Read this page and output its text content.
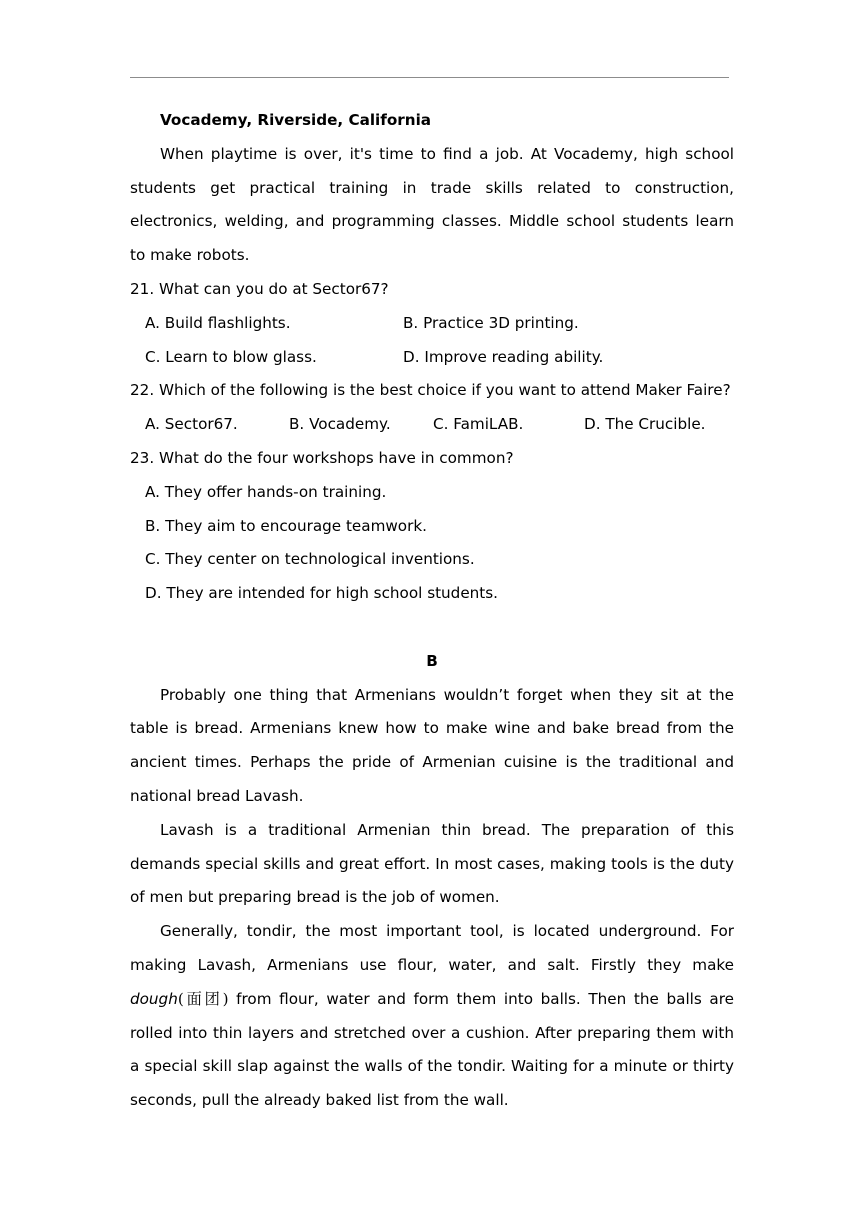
Vocademy, Riverside, California

When playtime is over, it's time to find a job. At Vocademy, high school students get practical training in trade skills related to construction, electronics, welding, and programming classes. Middle school students learn to make robots.

21. What can you do at Sector67?

A. Build flashlights.	B. Practice 3D printing.
C. Learn to blow glass.	D. Improve reading ability.

22. Which of the following is the best choice if you want to attend Maker Faire?

A. Sector67.	B. Vocademy.	C. FamiLAB.	D. The Crucible.

23. What do the four workshops have in common?

A. They offer hands-on training.

B. They aim to encourage teamwork.

C. They center on technological inventions.

D. They are intended for high school students.

B

Probably one thing that Armenians wouldn’t forget when they sit at the table is bread. Armenians knew how to make wine and bake bread from the ancient times. Perhaps the pride of Armenian cuisine is the traditional and national bread Lavash.

Lavash is a traditional Armenian thin bread. The preparation of this demands special skills and great effort. In most cases, making tools is the duty of men but preparing bread is the job of women.

Generally, tondir, the most important tool, is located underground. For making Lavash, Armenians use flour, water, and salt. Firstly they make dough(面团) from flour, water and form them into balls. Then the balls are rolled into thin layers and stretched over a cushion. After preparing them with a special skill slap against the walls of the tondir. Waiting for a minute or thirty seconds, pull the already baked list from the wall.
